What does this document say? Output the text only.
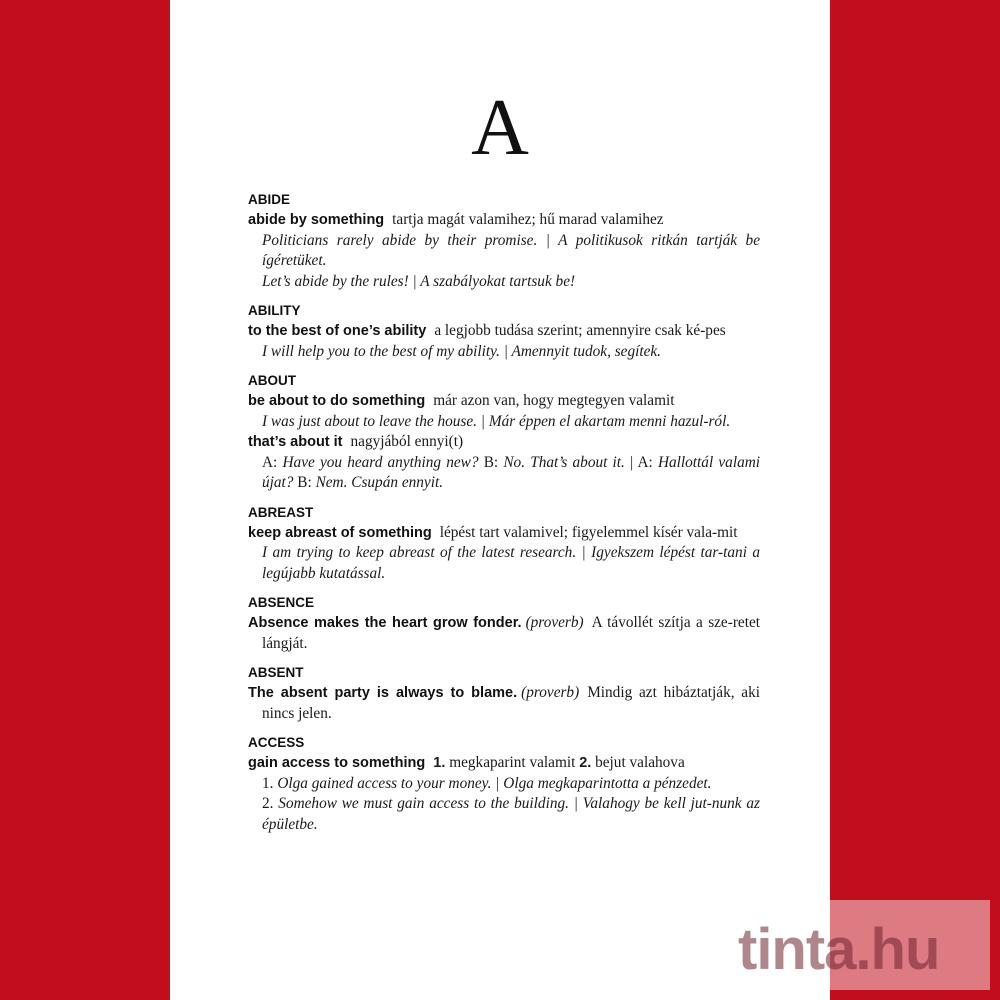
A
ABIDE
abide by something tartja magát valamihez; hű marad valamihez
Politicians rarely abide by their promise. | A politikusok ritkán tartják be ígéretüket.
Let’s abide by the rules! | A szabályokat tartsuk be!
ABILITY
to the best of one’s ability a legjobb tudása szerint; amennyire csak ké-pes
I will help you to the best of my ability. | Amennyit tudok, segítek.
ABOUT
be about to do something már azon van, hogy megtegyen valamit
I was just about to leave the house. | Már éppen el akartam menni hazul-ról.
that’s about it nagyjából ennyi(t)
A: Have you heard anything new? B: No. That’s about it. | A: Hallottál valami újat? B: Nem. Csupán ennyit.
ABREAST
keep abreast of something lépést tart valamivel; figyelemmel kísér vala-mit
I am trying to keep abreast of the latest research. | Igyekszem lépést tar-tani a legújabb kutatással.
ABSENCE
Absence makes the heart grow fonder. (proverb) A távollét szítja a sze-retet lángját.
ABSENT
The absent party is always to blame. (proverb) Mindig azt hibáztatják, aki nincs jelen.
ACCESS
gain access to something 1. megkaparint valamit 2. bejut valahova
1. Olga gained access to your money. | Olga megkaparintotta a pénzedet.
2. Somehow we must gain access to the building. | Valahogy be kell jut-nunk az épületbe.
tinta.hu
